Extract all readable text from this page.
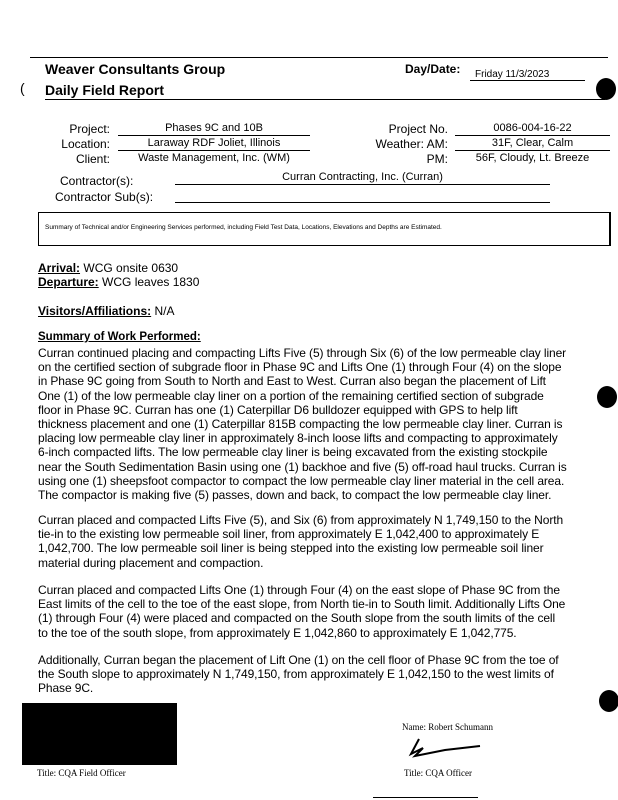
Weaver Consultants Group	Day/Date:	Friday 11/3/2023
Daily Field Report
(
Project:	Phases 9C and 10B
Location:	Laraway RDF Joliet, Illinois
Client:	Waste Management, Inc. (WM)
Project No.	0086-004-16-22
Weather: AM:	31F, Clear, Calm
PM:	56F, Cloudy, Lt. Breeze
Contractor(s):	Curran Contracting, Inc. (Curran)
Contractor Sub(s):
Summary of Technical and/or Engineering Services performed, including Field Test Data, Locations, Elevations and Depths are Estimated.
Arrival: WCG onsite 0630
Departure: WCG leaves 1830
Visitors/Affiliations: N/A
Summary of Work Performed:
Curran continued placing and compacting Lifts Five (5) through Six (6) of the low permeable clay liner
on the certified section of subgrade floor in Phase 9C and Lifts One (1) through Four (4) on the slope
in Phase 9C going from South to North and East to West. Curran also began the placement of Lift
One (1) of the low permeable clay liner on a portion of the remaining certified section of subgrade
floor in Phase 9C. Curran has one (1) Caterpillar D6 bulldozer equipped with GPS to help lift
thickness placement and one (1) Caterpillar 815B compacting the low permeable clay liner. Curran is
placing low permeable clay liner in approximately 8-inch loose lifts and compacting to approximately
6-inch compacted lifts. The low permeable clay liner is being excavated from the existing stockpile
near the South Sedimentation Basin using one (1) backhoe and five (5) off-road haul trucks. Curran is
using one (1) sheepsfoot compactor to compact the low permeable clay liner material in the cell area.
The compactor is making five (5) passes, down and back, to compact the low permeable clay liner.
Curran placed and compacted Lifts Five (5), and Six (6) from approximately N 1,749,150 to the North
tie-in to the existing low permeable soil liner, from approximately E 1,042,400 to approximately E
1,042,700. The low permeable soil liner is being stepped into the existing low permeable soil liner
material during placement and compaction.
Curran placed and compacted Lifts One (1) through Four (4) on the east slope of Phase 9C from the
East limits of the cell to the toe of the east slope, from North tie-in to South limit. Additionally Lifts One
(1) through Four (4) were placed and compacted on the South slope from the south limits of the cell
to the toe of the south slope, from approximately E 1,042,860 to approximately E 1,042,775.
Additionally, Curran began the placement of Lift One (1) on the cell floor of Phase 9C from the toe of
the South slope to approximately N 1,749,150, from approximately E 1,042,150 to the west limits of
Phase 9C.
Title: CQA Field Officer
Name: Robert Schumann
Title: CQA Officer
